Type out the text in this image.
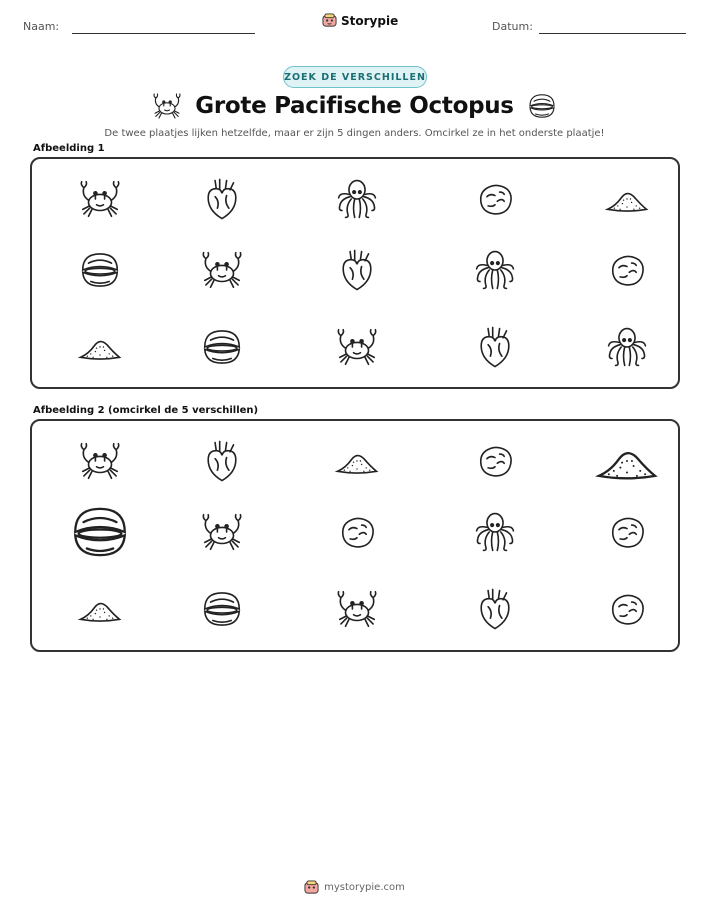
Naam:	Storypie	Datum:
ZOEK DE VERSCHILLEN
Grote Pacifische Octopus
De twee plaatjes lijken hetzelfde, maar er zijn 5 dingen anders. Omcirkel ze in het onderste plaatje!
Afbeelding 1
Afbeelding 2 (omcirkel de 5 verschillen)
mystorypie.com
